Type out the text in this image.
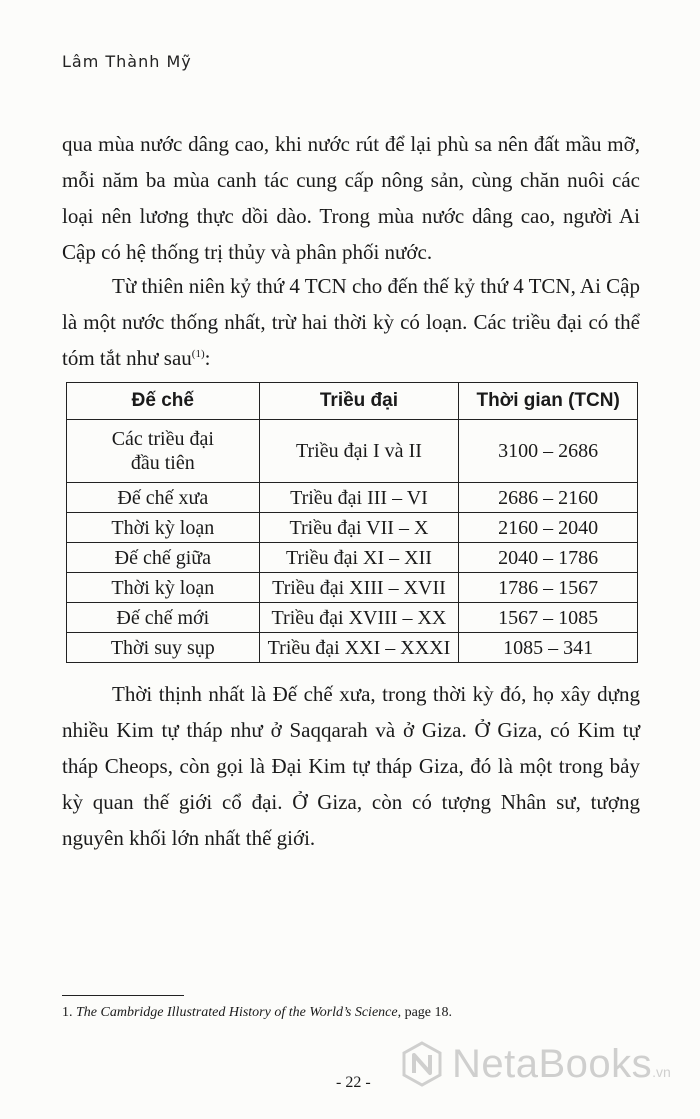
Lâm Thành Mỹ

qua mùa nước dâng cao, khi nước rút để lại phù sa nên đất mầu mỡ, mỗi năm ba mùa canh tác cung cấp nông sản, cùng chăn nuôi các loại nên lương thực dồi dào. Trong mùa nước dâng cao, người Ai Cập có hệ thống trị thủy và phân phối nước.

Từ thiên niên kỷ thứ 4 TCN cho đến thế kỷ thứ 4 TCN, Ai Cập là một nước thống nhất, trừ hai thời kỳ có loạn. Các triều đại có thể tóm tắt như sau$^{(1)}$:

Đế chế	Triều đại	Thời gian (TCN)
Các triều đại
đầu tiên	Triều đại I và II	3100 – 2686
Đế chế xưa	Triều đại III – VI	2686 – 2160
Thời kỳ loạn	Triều đại VII – X	2160 – 2040
Đế chế giữa	Triều đại XI – XII	2040 – 1786
Thời kỳ loạn	Triều đại XIII – XVII	1786 – 1567
Đế chế mới	Triều đại XVIII – XX	1567 – 1085
Thời suy sụp	Triều đại XXI – XXXI	1085 – 341

Thời thịnh nhất là Đế chế xưa, trong thời kỳ đó, họ xây dựng nhiều Kim tự tháp như ở Saqqarah và ở Giza. Ở Giza, có Kim tự tháp Cheops, còn gọi là Đại Kim tự tháp Giza, đó là một trong bảy kỳ quan thế giới cổ đại. Ở Giza, còn có tượng Nhân sư, tượng nguyên khối lớn nhất thế giới.

1. The Cambridge Illustrated History of the World’s Science, page 18.
- 22 - NetaBooks .vn
